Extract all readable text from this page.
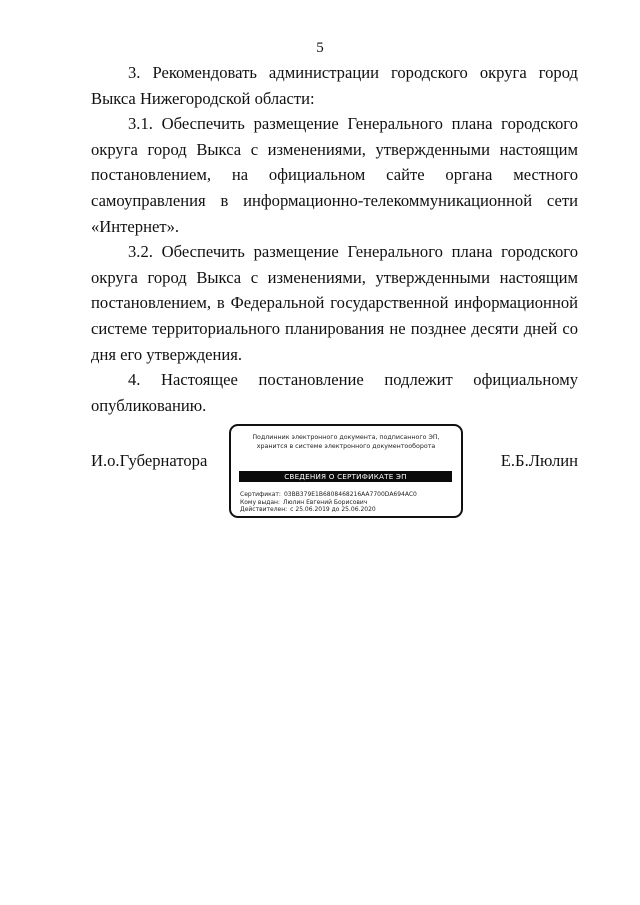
5

3. Рекомендовать администрации городского округа город Выкса Нижегородской области:

3.1. Обеспечить размещение Генерального плана городского округа город Выкса с изменениями, утвержденными настоящим постановлением, на официальном сайте органа местного самоуправления в информационно-телекоммуникационной сети «Интернет».

3.2. Обеспечить размещение Генерального плана городского округа город Выкса с изменениями, утвержденными настоящим постановлением, в Федеральной государственной информационной системе территориального планирования не позднее десяти дней со дня его утверждения.

4. Настоящее постановление подлежит официальному опубликованию.

И.о.Губернатора	Е.Б.Люлин
Подлинник электронного документа, подписанного ЭП,
хранится в системе электронного документооборота
СВЕДЕНИЯ О СЕРТИФИКАТЕ ЭП
Сертификат: 03BB379E1B6808468216AA7700DA694AC0
Кому выдан: Люлин Евгений Борисович
Действителен: с 25.06.2019 до 25.06.2020
